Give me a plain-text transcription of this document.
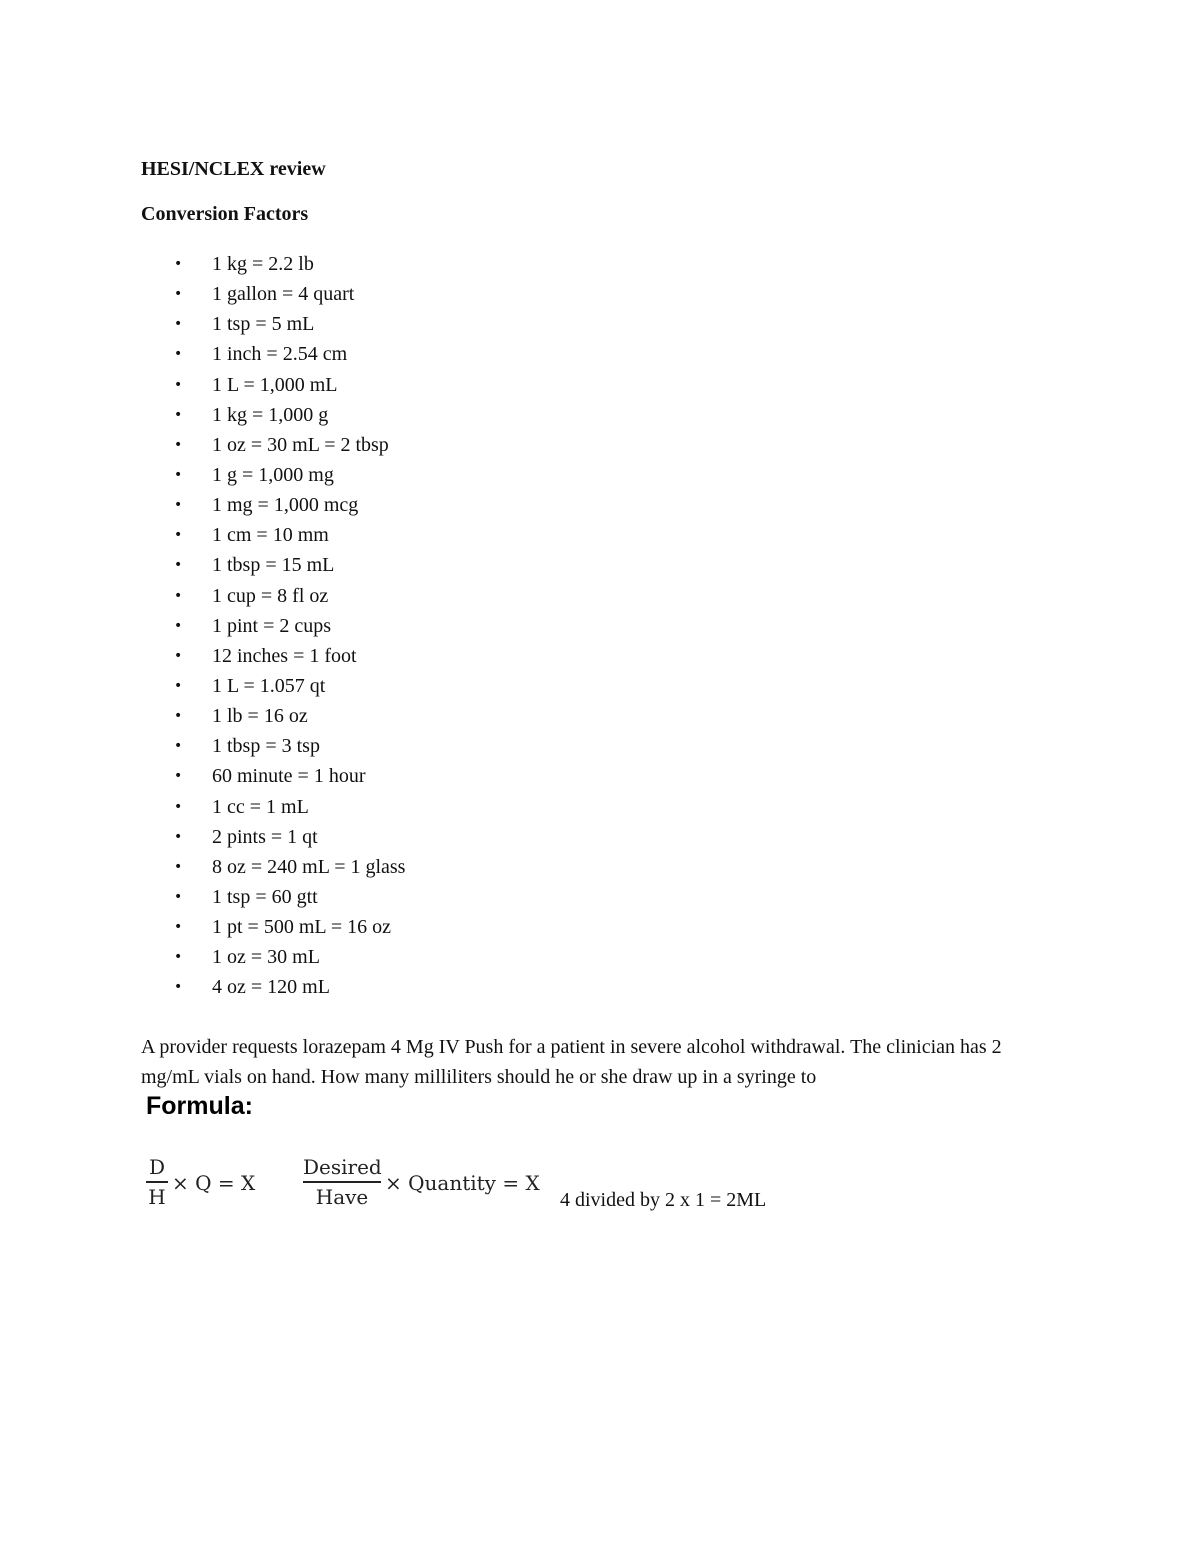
HESI/NCLEX review
Conversion Factors
• 1 kg = 2.2 lb
• 1 gallon = 4 quart
• 1 tsp = 5 mL
• 1 inch = 2.54 cm
• 1 L = 1,000 mL
• 1 kg = 1,000 g
• 1 oz = 30 mL = 2 tbsp
• 1 g = 1,000 mg
• 1 mg = 1,000 mcg
• 1 cm = 10 mm
• 1 tbsp = 15 mL
• 1 cup = 8 fl oz
• 1 pint = 2 cups
• 12 inches = 1 foot
• 1 L = 1.057 qt
• 1 lb = 16 oz
• 1 tbsp = 3 tsp
• 60 minute = 1 hour
• 1 cc = 1 mL
• 2 pints = 1 qt
• 8 oz = 240 mL = 1 glass
• 1 tsp = 60 gtt
• 1 pt = 500 mL = 16 oz
• 1 oz = 30 mL
• 4 oz = 120 mL

A provider requests lorazepam 4 Mg IV Push for a patient in severe alcohol withdrawal. The clinician has 2 mg/mL vials on hand. How many milliliters should he or she draw up in a syringe to

Formula:
D
H
× Q = X
Desired
Have
× Quantity = X
4 divided by 2 x 1 = 2ML
